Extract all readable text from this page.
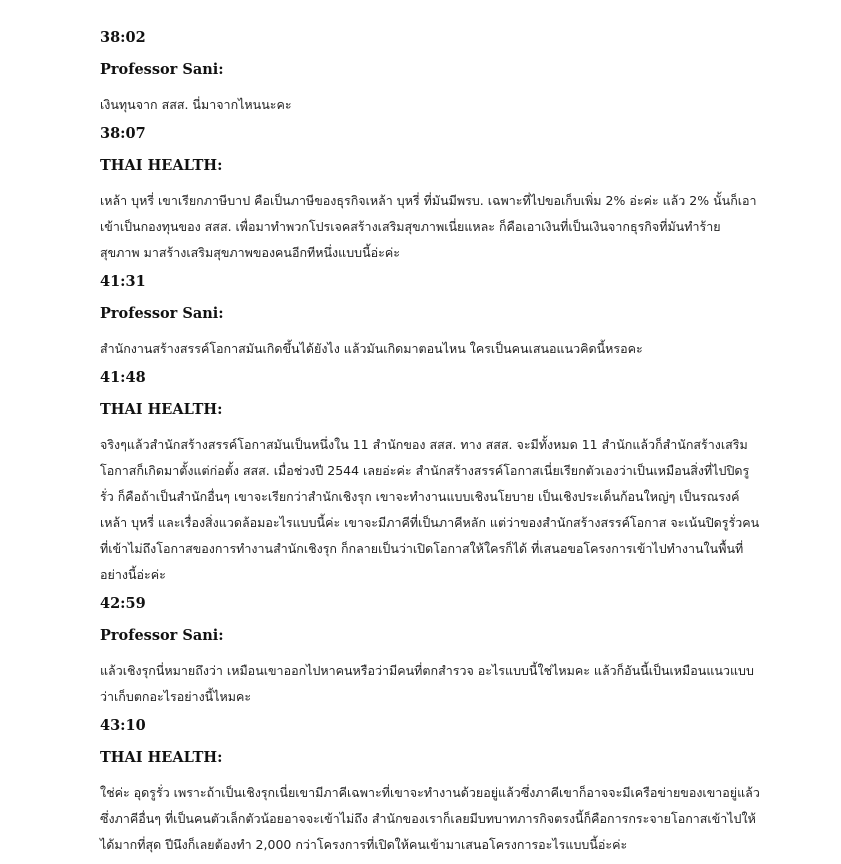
38:02

Professor Sani:

เงินทุนจาก สสส. นี่มาจากไหนนะคะ

38:07

THAI HEALTH:

เหล้า บุหรี่ เขาเรียกภาษีบาป คือเป็นภาษีของธุรกิจเหล้า บุหรี่ ที่มันมีพรบ. เฉพาะที่ไปขอเก็บเพิ่ม 2% อ่ะค่ะ แล้ว 2% นั้นก็เอาเข้าเป็นกองทุนของ สสส. เพื่อมาทำพวกโปรเจคสร้างเสริมสุขภาพเนี่ยแหละ ก็คือเอาเงินที่เป็นเงินจากธุรกิจที่มันทำร้ายสุขภาพ มาสร้างเสริมสุขภาพของคนอีกทีหนึ่งแบบนี้อ่ะค่ะ

41:31

Professor Sani:

สำนักงานสร้างสรรค์โอกาสมันเกิดขึ้นได้ยังไง แล้วมันเกิดมาตอนไหน ใครเป็นคนเสนอแนวคิดนี้หรอคะ

41:48

THAI HEALTH:

จริงๆแล้วสำนักสร้างสรรค์โอกาสมันเป็นหนึ่งใน 11 สำนักของ สสส. ทาง สสส. จะมีทั้งหมด 11 สำนักแล้วก็สำนักสร้างเสริมโอกาสก็เกิดมาตั้งแต่ก่อตั้ง สสส. เมื่อช่วงปี 2544 เลยอ่ะค่ะ สำนักสร้างสรรค์โอกาสเนี่ยเรียกตัวเองว่าเป็นเหมือนสิ่งที่ไปปิดรูรั่ว ก็คือถ้าเป็นสำนักอื่นๆ เขาจะเรียกว่าสำนักเชิงรุก เขาจะทำงานแบบเชิงนโยบาย เป็นเชิงประเด็นก้อนใหญ่ๆ เป็นรณรงค์เหล้า บุหรี่ และเรื่องสิ่งแวดล้อมอะไรแบบนี้ค่ะ เขาจะมีภาคีที่เป็นภาคีหลัก แต่ว่าของสำนักสร้างสรรค์โอกาส จะเน้นปิดรูรั่วคนที่เข้าไม่ถึงโอกาสของการทำงานสำนักเชิงรุก ก็กลายเป็นว่าเปิดโอกาสให้ใครก็ได้ ที่เสนอขอโครงการเข้าไปทำงานในพื้นที่อย่างนี้อ่ะค่ะ

42:59

Professor Sani:

แล้วเชิงรุกนี่หมายถึงว่า เหมือนเขาออกไปหาคนหรือว่ามีคนที่ตกสำรวจ อะไรแบบนี้ใช่ไหมคะ แล้วก็อันนี้เป็นเหมือนแนวแบบว่าเก็บตกอะไรอย่างนี้ไหมคะ

43:10

THAI HEALTH:

ใช่ค่ะ อุดรูรั่ว เพราะถ้าเป็นเชิงรุกเนี่ยเขามีภาคีเฉพาะที่เขาจะทำงานด้วยอยู่แล้วซึ่งภาคีเขาก็อาจจะมีเครือข่ายของเขาอยู่แล้วซึ่งภาคีอื่นๆ ที่เป็นคนตัวเล็กตัวน้อยอาจจะเข้าไม่ถึง สำนักของเราก็เลยมีบทบาทภารกิจตรงนี้ก็คือการกระจายโอกาสเข้าไปให้ได้มากที่สุด ปีนึงก็เลยต้องทำ 2,000 กว่าโครงการที่เปิดให้คนเข้ามาเสนอโครงการอะไรแบบนี้อ่ะค่ะ
